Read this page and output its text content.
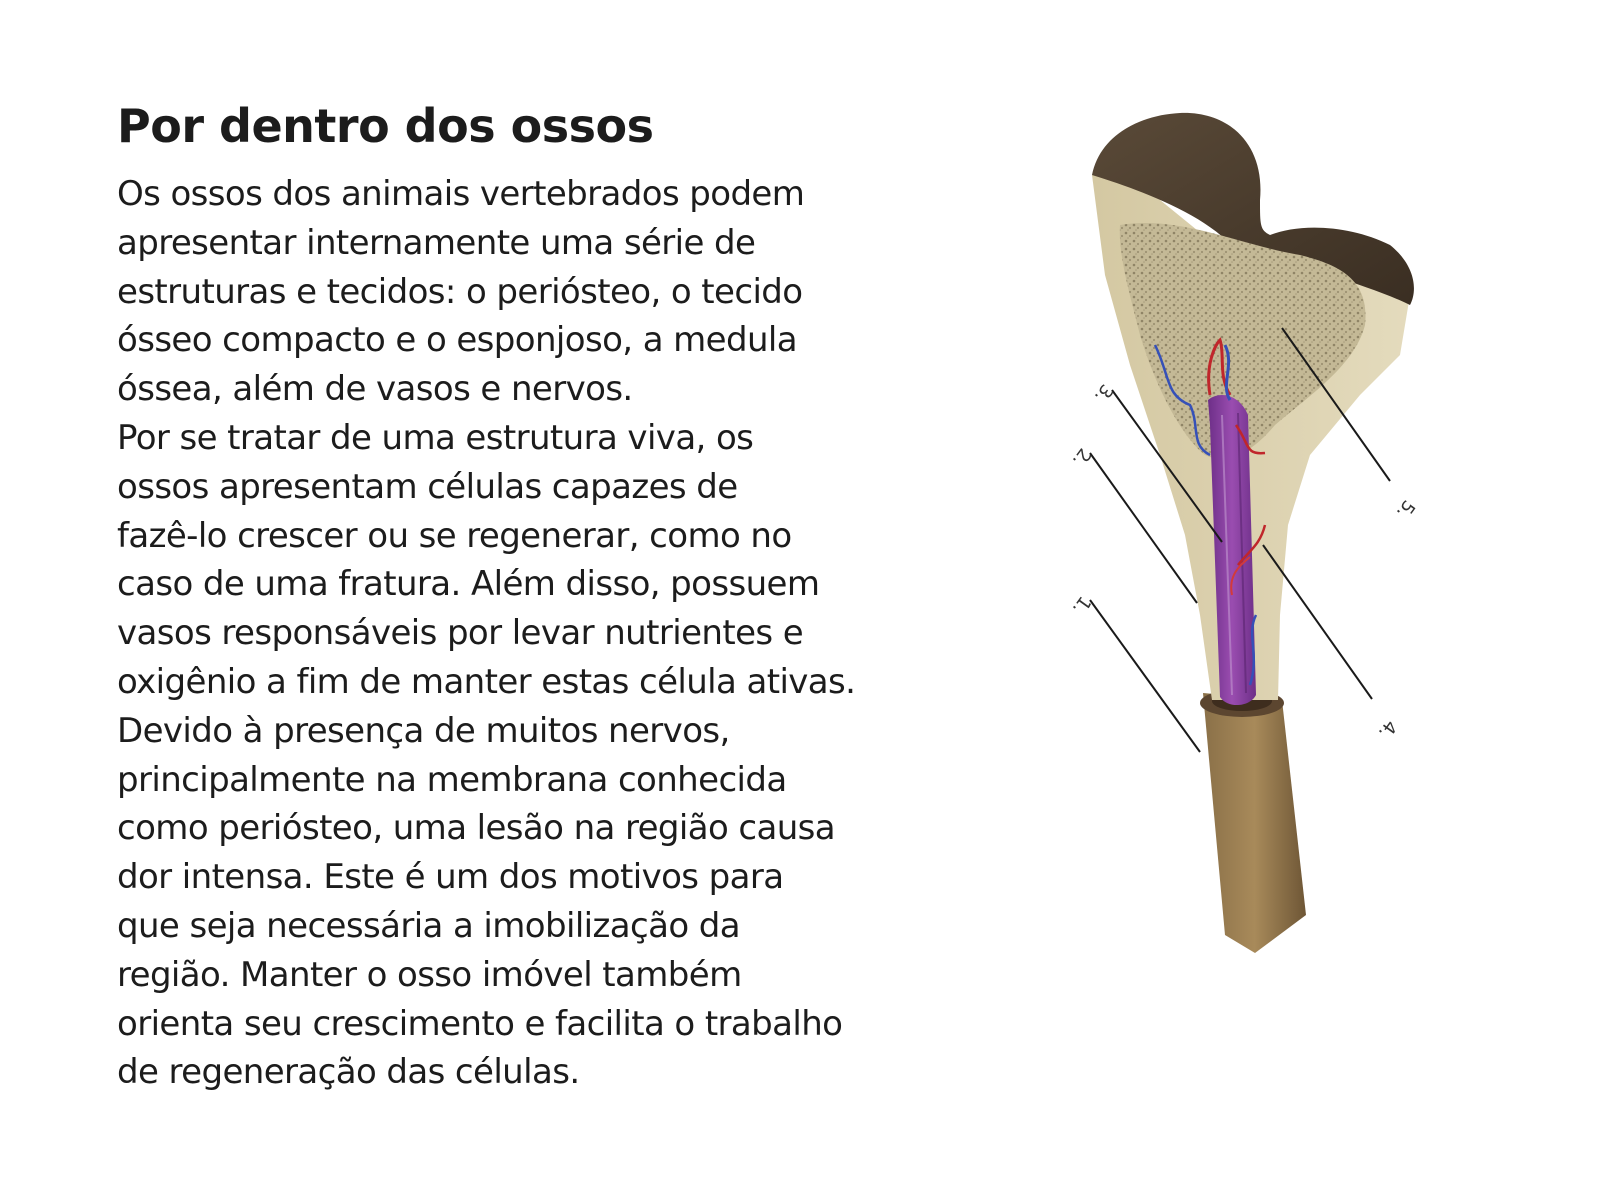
Por dentro dos ossos
Os ossos dos animais vertebrados podem
apresentar internamente uma série de
estruturas e tecidos: o perióstео, o tecido
ósseo compacto e o esponjoso, a medula
óssea, além de vasos e nervos.
Por se tratar de uma estrutura viva, os
ossos apresentam células capazes de
fazê-lo crescer ou se regenerar, como no
caso de uma fratura. Além disso, possuem
vasos responsáveis por levar nutrientes e
oxigênio a fim de manter estas célula ativas.
Devido à presença de muitos nervos,
principalmente na membrana conhecida
como periósteo, uma lesão na região causa
dor intensa. Este é um dos motivos para
que seja necessária a imobilização da
região. Manter o osso imóvel também
orienta seu crescimento e facilita o trabalho
de regeneração das células.
1.
2.
3.
4.
5.
